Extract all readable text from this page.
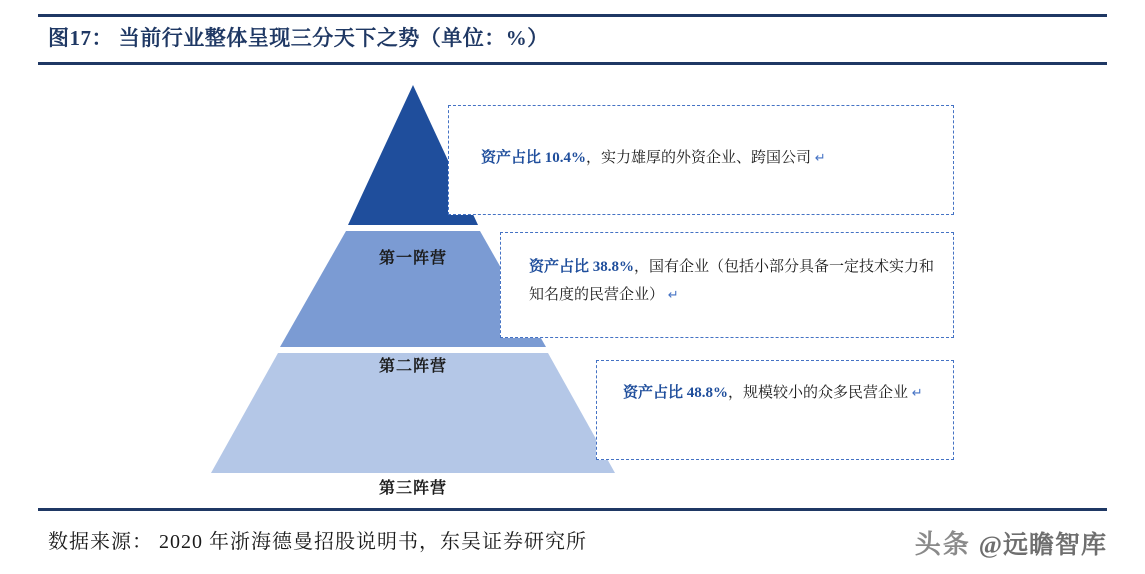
图17： 当前行业整体呈现三分天下之势（单位：%）
第一阵营
第二阵营
第三阵营
资产占比 10.4%，实力雄厚的外资企业、跨国公司 ↵
资产占比 38.8%，国有企业（包括小部分具备一定技术实力和知名度的民营企业） ↵
资产占比 48.8%，规模较小的众多民营企业 ↵
数据来源： 2020 年浙海德曼招股说明书，东吴证券研究所	头条 @远瞻智库
